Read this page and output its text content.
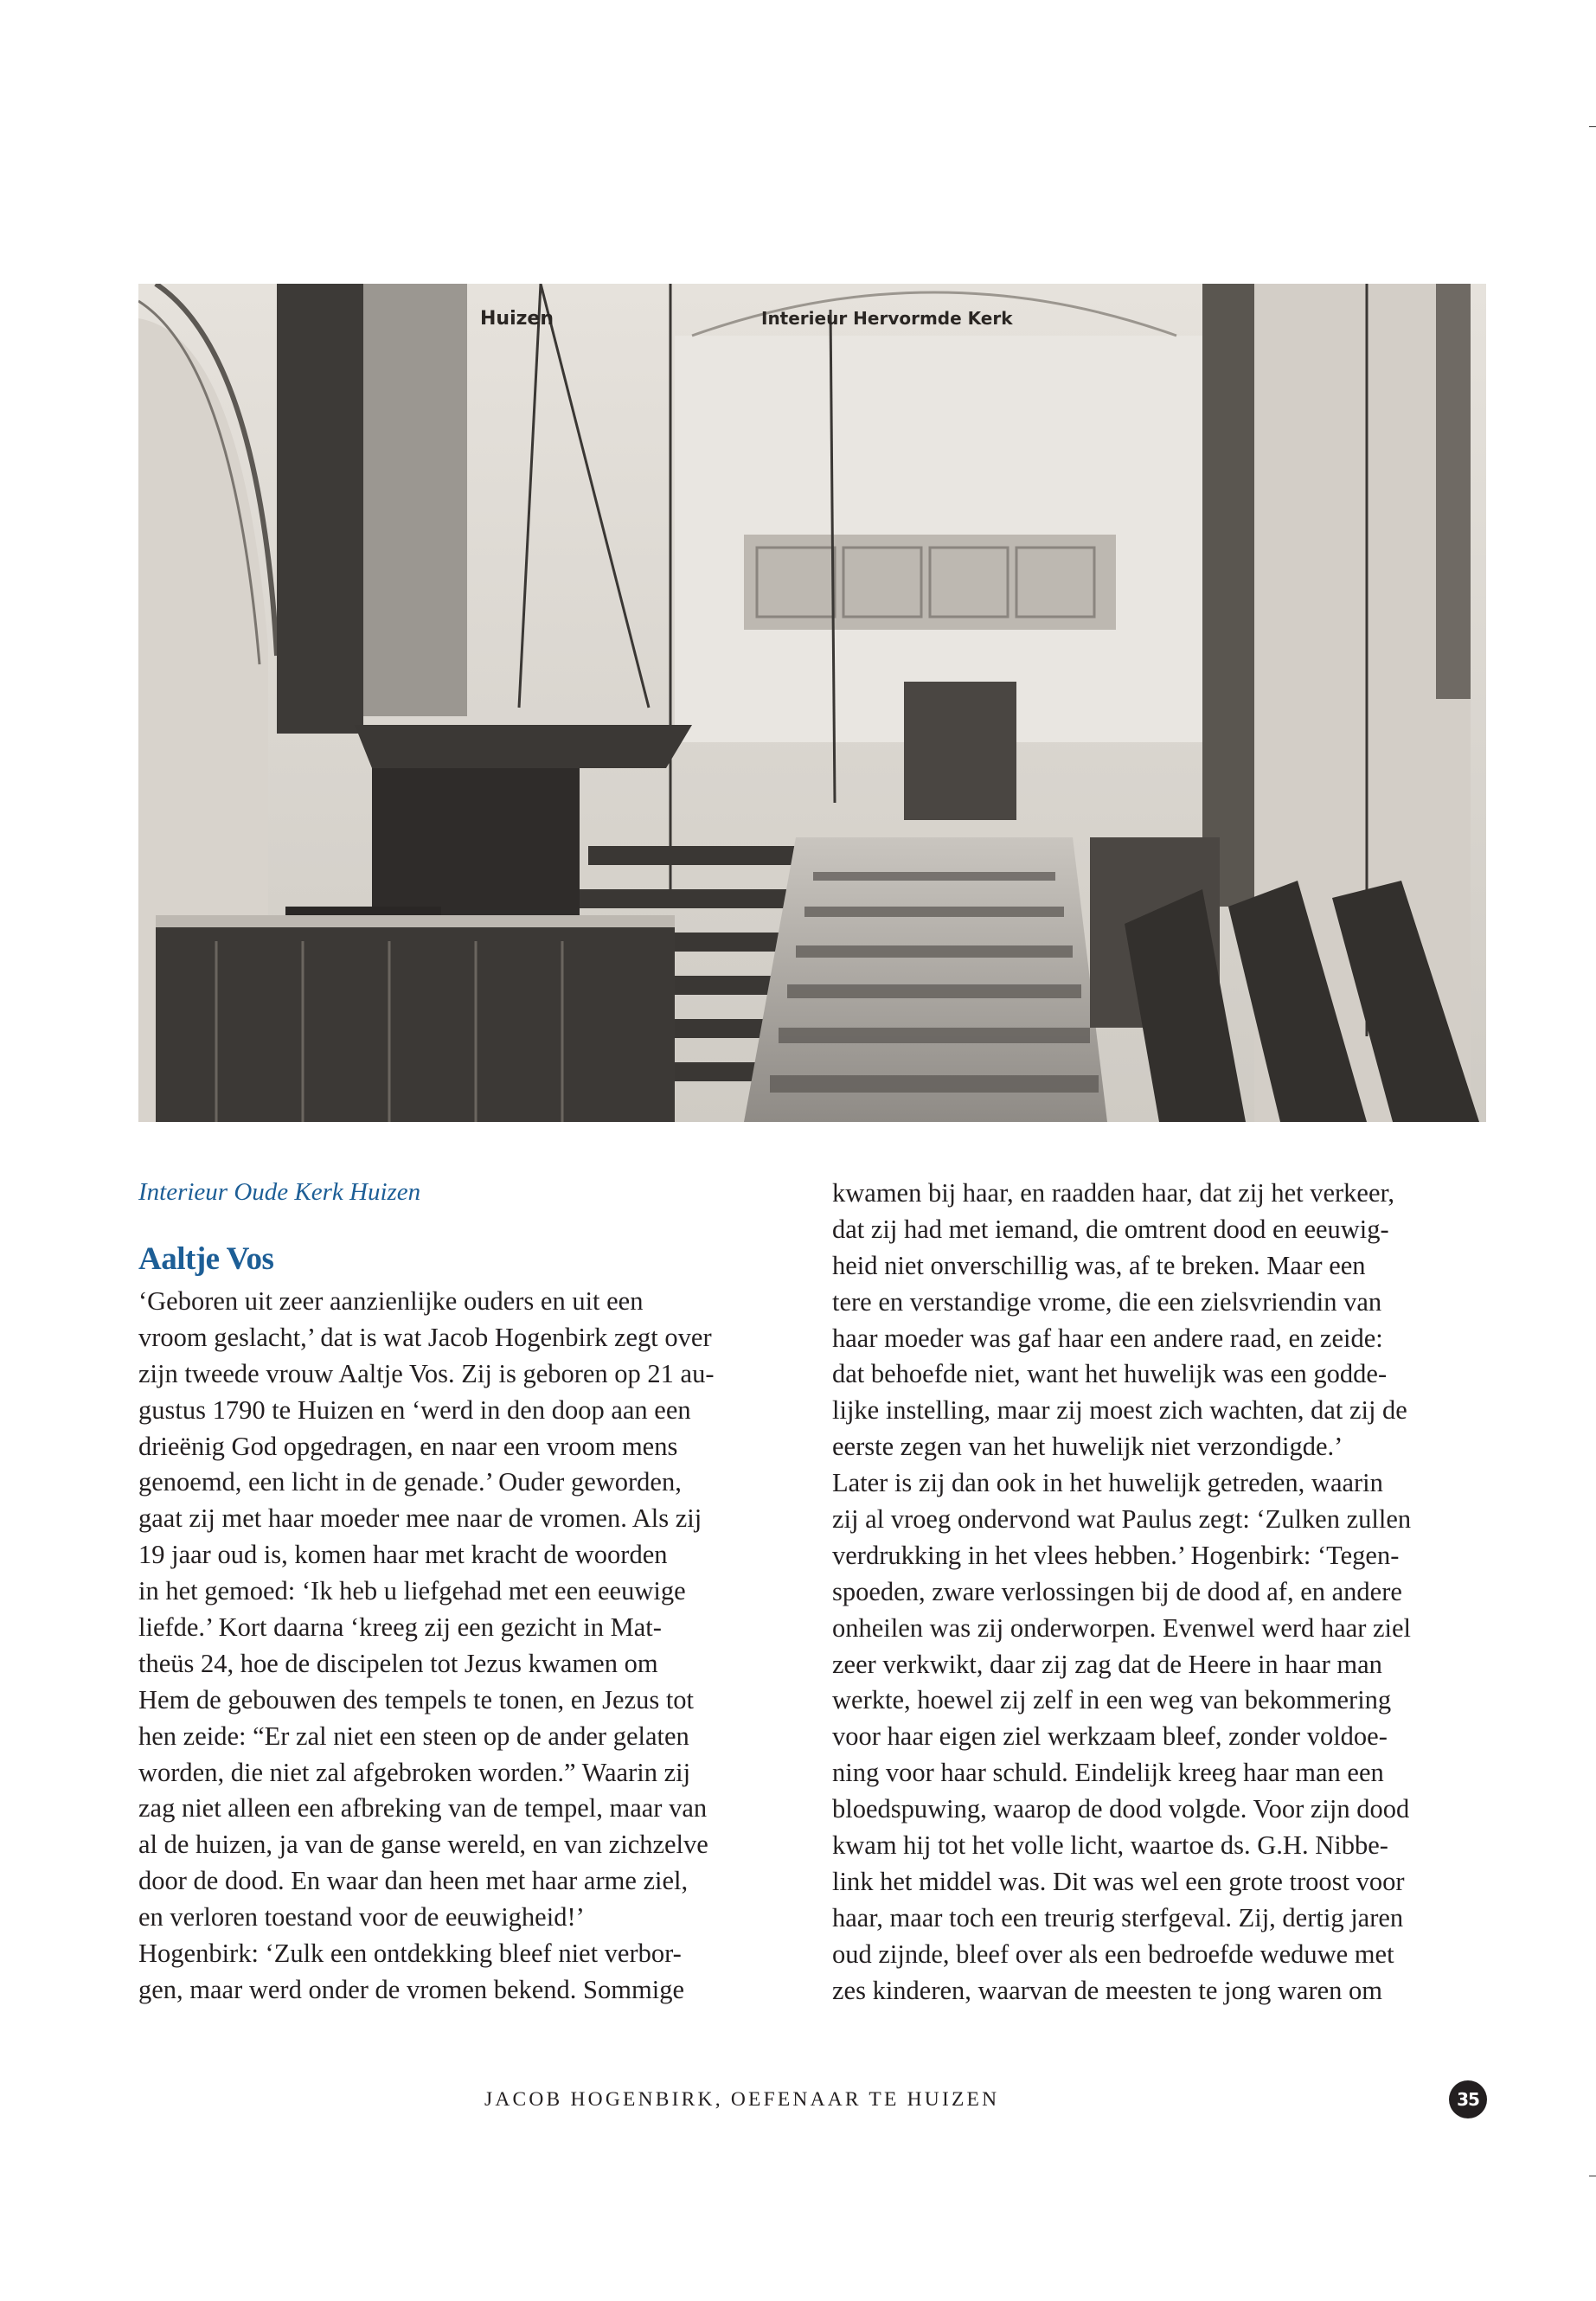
Huizen	Interieur Hervormde Kerk
Interieur Oude Kerk Huizen
Aaltje Vos
‘Geboren uit zeer aanzienlijke ouders en uit een
vroom geslacht,’ dat is wat Jacob Hogenbirk zegt over
zijn tweede vrouw Aaltje Vos. Zij is geboren op 21 au-
gustus 1790 te Huizen en ‘werd in den doop aan een
drieënig God opgedragen, en naar een vroom mens
genoemd, een licht in de genade.’ Ouder geworden,
gaat zij met haar moeder mee naar de vromen. Als zij
19 jaar oud is, komen haar met kracht de woorden
in het gemoed: ‘Ik heb u liefgehad met een eeuwige
liefde.’ Kort daarna ‘kreeg zij een gezicht in Mat-
theüs 24, hoe de discipelen tot Jezus kwamen om
Hem de gebouwen des tempels te tonen, en Jezus tot
hen zeide: “Er zal niet een steen op de ander gelaten
worden, die niet zal afgebroken worden.” Waarin zij
zag niet alleen een afbreking van de tempel, maar van
al de huizen, ja van de ganse wereld, en van zichzelve
door de dood. En waar dan heen met haar arme ziel,
en verloren toestand voor de eeuwigheid!’
Hogenbirk: ‘Zulk een ontdekking bleef niet verbor-
gen, maar werd onder de vromen bekend. Sommige
kwamen bij haar, en raadden haar, dat zij het verkeer,
dat zij had met iemand, die omtrent dood en eeuwig-
heid niet onverschillig was, af te breken. Maar een
tere en verstandige vrome, die een zielsvriendin van
haar moeder was gaf haar een andere raad, en zeide:
dat behoefde niet, want het huwelijk was een godde-
lijke instelling, maar zij moest zich wachten, dat zij de
eerste zegen van het huwelijk niet verzondigde.’
Later is zij dan ook in het huwelijk getreden, waarin
zij al vroeg ondervond wat Paulus zegt: ‘Zulken zullen
verdrukking in het vlees hebben.’ Hogenbirk: ‘Tegen-
spoeden, zware verlossingen bij de dood af, en andere
onheilen was zij onderworpen. Evenwel werd haar ziel
zeer verkwikt, daar zij zag dat de Heere in haar man
werkte, hoewel zij zelf in een weg van bekommering
voor haar eigen ziel werkzaam bleef, zonder voldoe-
ning voor haar schuld. Eindelijk kreeg haar man een
bloedspuwing, waarop de dood volgde. Voor zijn dood
kwam hij tot het volle licht, waartoe ds. G.H. Nibbe-
link het middel was. Dit was wel een grote troost voor
haar, maar toch een treurig sterfgeval. Zij, dertig jaren
oud zijnde, bleef over als een bedroefde weduwe met
zes kinderen, waarvan de meesten te jong waren om
JACOB HOGENBIRK, OEFENAAR TE HUIZEN	35
